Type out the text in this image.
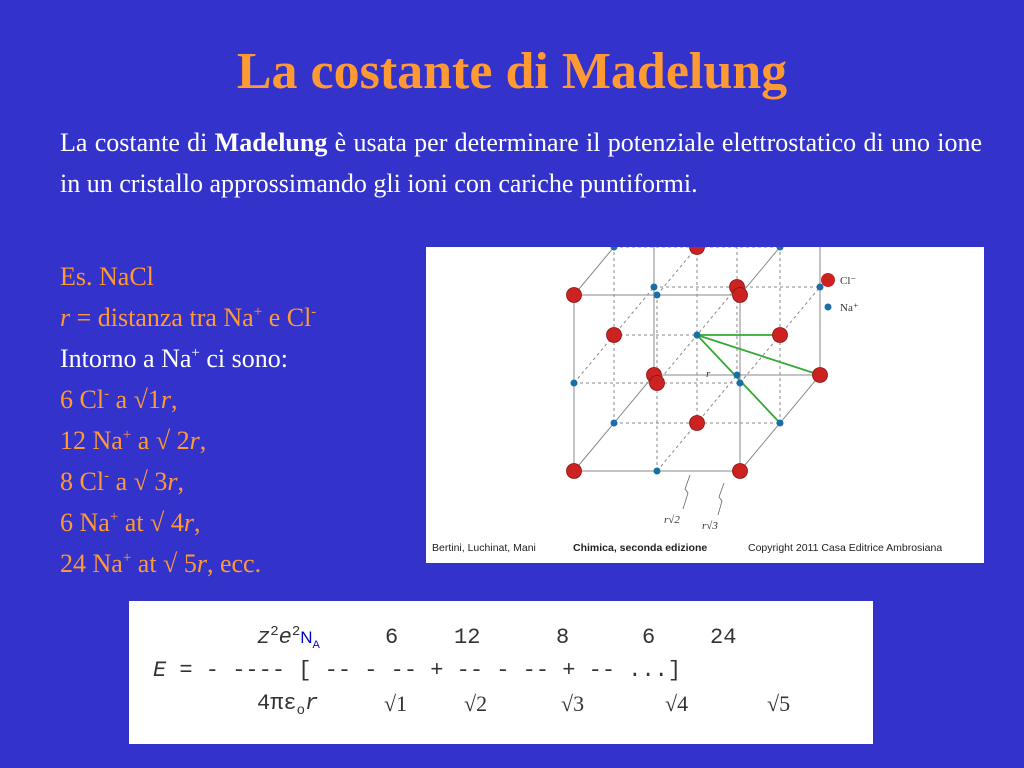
La costante di Madelung
La costante di Madelung è usata per determinare il potenziale elettrostatico di uno ione in un cristallo approssimando gli ioni con cariche puntiformi.
Es. NaCl
r = distanza tra Na+ e Cl-
Intorno a Na+ ci sono:
6 Cl- a √1r,
12 Na+ a √ 2r,
8 Cl- a √ 3r,
6 Na+ at √ 4r,
24 Na+ at √ 5r, ecc.
Cl⁻
Na⁺
r
r√2 r√3
Bertini, Luchinat, Mani	Chimica, seconda edizione	Copyright 2011 Casa Editrice Ambrosiana
$z^2e^2N_A$	6	12	8	6 24
E = - ---- [ -- - -- + -- - -- + -- ...]
$4\pi\varepsilon_or$	√1	√2	√3	√4	√5
